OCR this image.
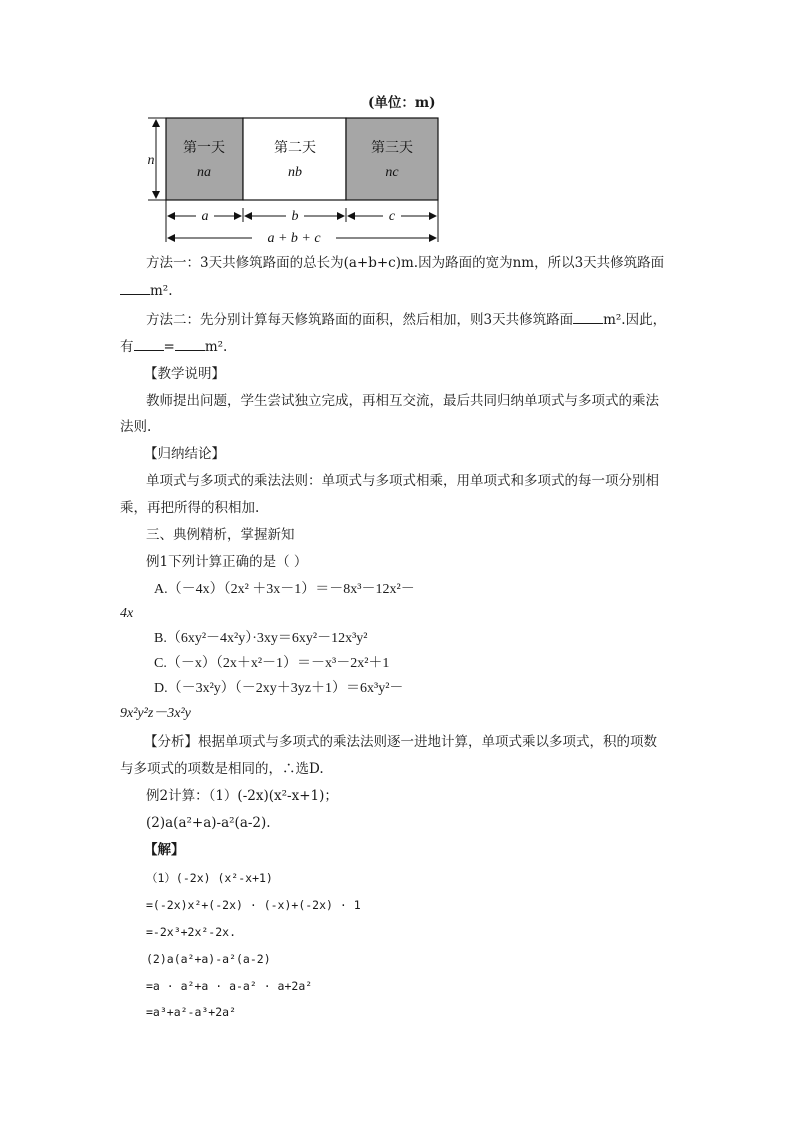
(单位：m)
第一天
na
第二天
nb
第三天
nc
n
a	b	c
a + b + c
方法一：3天共修筑路面的总长为(a+b+c)m.因为路面的宽为nm，所以3天共修筑路面
m².
方法二：先分别计算每天修筑路面的面积，然后相加，则3天共修筑路面 m².因此，
有 = m².
【教学说明】
教师提出问题，学生尝试独立完成，再相互交流，最后共同归纳单项式与多项式的乘法
法则.
【归纳结论】
单项式与多项式的乘法法则：单项式与多项式相乘，用单项式和多项式的每一项分别相
乘，再把所得的积相加.
三、典例精析，掌握新知
例1下列计算正确的是（ ）
A.（－4x）（2x² ＋3x－1）＝－8x³－12x²－
4x
B.（6xy²－4x²y）·3xy＝6xy²－12x³y²
C.（－x）（2x＋x²－1）＝－x³－2x²＋1
D.（－3x²y）（－2xy＋3yz＋1）＝6x³y²－
9x²y²z－3x²y
【分析】根据单项式与多项式的乘法法则逐一进地计算，单项式乘以多项式，积的项数
与多项式的项数是相同的，∴选D.
例2计算：（1）(-2x)(x²-x+1)；
(2)a(a²+a)-a²(a-2).
【解】
（1）(-2x) (x²-x+1)
=(-2x)x²+(-2x) · (-x)+(-2x) · 1
=-2x³+2x²-2x.
(2)a(a²+a)-a²(a-2)
=a · a²+a · a-a² · a+2a²
=a³+a²-a³+2a²
